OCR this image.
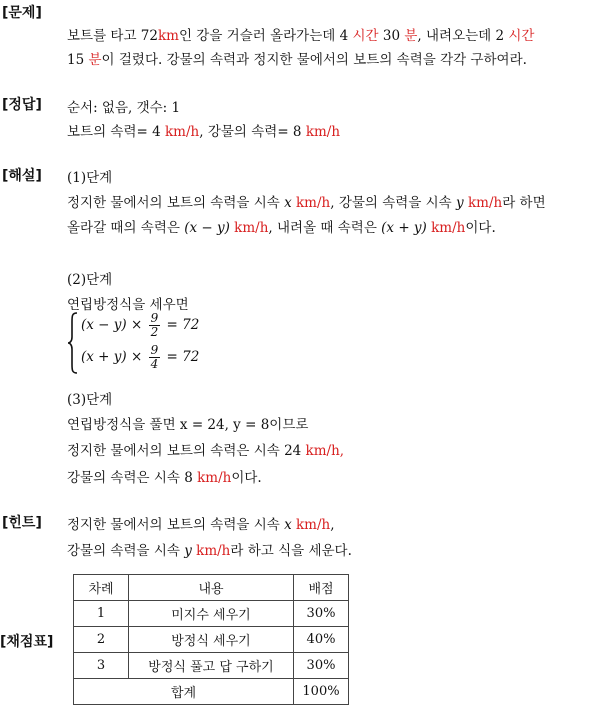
[문제]
보트를 타고 72km인 강을 거슬러 올라가는데 4 시간 30 분, 내려오는데 2 시간
15 분이 걸렸다. 강물의 속력과 정지한 물에서의 보트의 속력을 각각 구하여라.
[정답] 순서: 없음, 갯수: 1
보트의 속력= 4 km/h, 강물의 속력= 8 km/h
[해설] (1)단계
정지한 물에서의 보트의 속력을 시속 x km/h, 강물의 속력을 시속 y km/h라 하면
올라갈 때의 속력은 (x − y) km/h, 내려올 때 속력은 (x + y) km/h이다.
(2)단계
연립방정식을 세우면
$(x - y) \times \frac{9}{2} = 72$
$(x + y) \times \frac{9}{4} = 72$
(3)단계
연립방정식을 풀면 x = 24, y = 8이므로
정지한 물에서의 보트의 속력은 시속 24 km/h,
강물의 속력은 시속 8 km/h이다.
[힌트] 정지한 물에서의 보트의 속력을 시속 x km/h,
강물의 속력을 시속 y km/h라 하고 식을 세운다.
[채점표]
차례	내용	배점
1	미지수 세우기	30%
2	방정식 세우기	40%
3	방정식 풀고 답 구하기	30%
합계		100%
